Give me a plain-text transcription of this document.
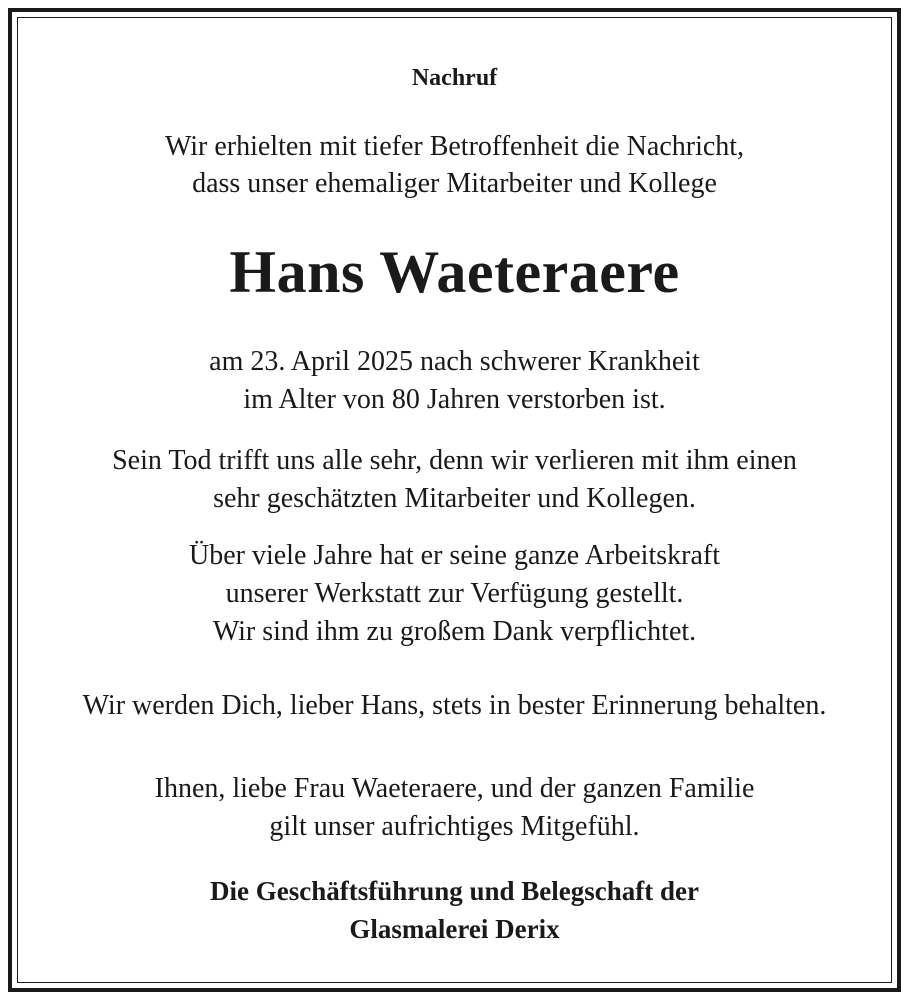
Nachruf
Wir erhielten mit tiefer Betroffenheit die Nachricht,
dass unser ehemaliger Mitarbeiter und Kollege
Hans Waeteraere
am 23. April 2025 nach schwerer Krankheit
im Alter von 80 Jahren verstorben ist.
Sein Tod trifft uns alle sehr, denn wir verlieren mit ihm einen
sehr geschätzten Mitarbeiter und Kollegen.
Über viele Jahre hat er seine ganze Arbeitskraft
unserer Werkstatt zur Verfügung gestellt.
Wir sind ihm zu großem Dank verpflichtet.
Wir werden Dich, lieber Hans, stets in bester Erinnerung behalten.
Ihnen, liebe Frau Waeteraere, und der ganzen Familie
gilt unser aufrichtiges Mitgefühl.
Die Geschäftsführung und Belegschaft der
Glasmalerei Derix
